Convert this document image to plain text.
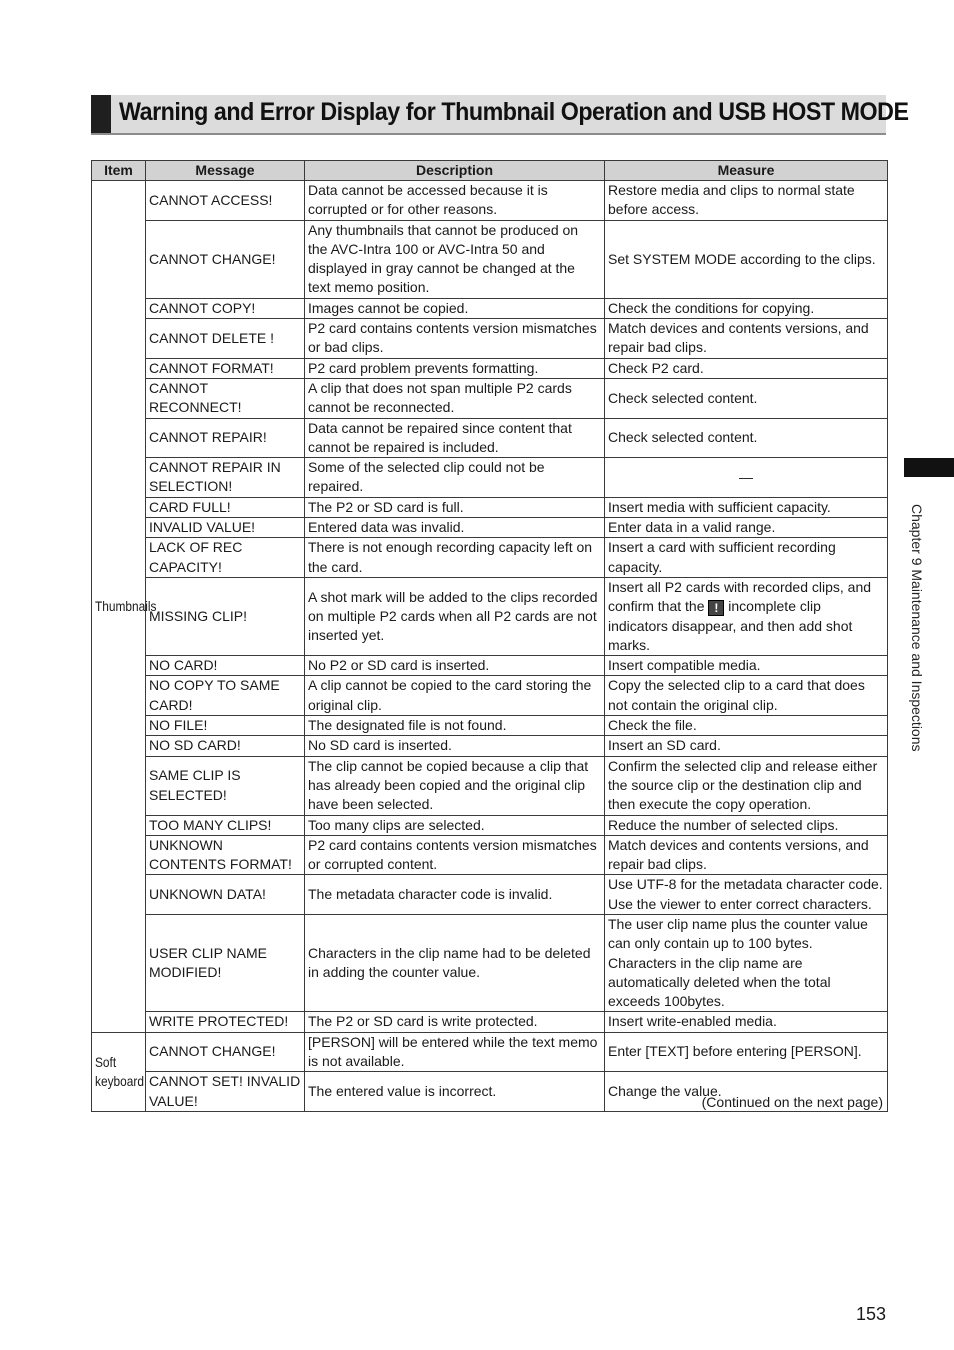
Warning and Error Display for Thumbnail Operation and USB HOST MODE
Item	Message	Description	Measure
Thumbnails	CANNOT ACCESS!	Data cannot be accessed because it is corrupted or for other reasons.	Restore media and clips to normal state before access.
	CANNOT CHANGE!	Any thumbnails that cannot be produced on the AVC-Intra 100 or AVC-Intra 50 and displayed in gray cannot be changed at the text memo position.	Set SYSTEM MODE according to the clips.
	CANNOT COPY!	Images cannot be copied.	Check the conditions for copying.
	CANNOT DELETE !	P2 card contains contents version mismatches or bad clips.	Match devices and contents versions, and repair bad clips.
	CANNOT FORMAT!	P2 card problem prevents formatting.	Check P2 card.
	CANNOT RECONNECT!	A clip that does not span multiple P2 cards cannot be reconnected.	Check selected content.
	CANNOT REPAIR!	Data cannot be repaired since content that cannot be repaired is included.	Check selected content.
	CANNOT REPAIR IN SELECTION!	Some of the selected clip could not be repaired.	—
	CARD FULL!	The P2 or SD card is full.	Insert media with sufficient capacity.
	INVALID VALUE!	Entered data was invalid.	Enter data in a valid range.
	LACK OF REC CAPACITY!	There is not enough recording capacity left on the card.	Insert a card with sufficient recording capacity.
	MISSING CLIP!	A shot mark will be added to the clips recorded on multiple P2 cards when all P2 cards are not inserted yet.	Insert all P2 cards with recorded clips, and confirm that the ! incomplete clip indicators disappear, and then add shot marks.
	NO CARD!	No P2 or SD card is inserted.	Insert compatible media.
	NO COPY TO SAME CARD!	A clip cannot be copied to the card storing the original clip.	Copy the selected clip to a card that does not contain the original clip.
	NO FILE!	The designated file is not found.	Check the file.
	NO SD CARD!	No SD card is inserted.	Insert an SD card.
	SAME CLIP IS SELECTED!	The clip cannot be copied because a clip that has already been copied and the original clip have been selected.	Confirm the selected clip and release either the source clip or the destination clip and then execute the copy operation.
	TOO MANY CLIPS!	Too many clips are selected.	Reduce the number of selected clips.
	UNKNOWN CONTENTS FORMAT!	P2 card contains contents version mismatches or corrupted content.	Match devices and contents versions, and repair bad clips.
	UNKNOWN DATA!	The metadata character code is invalid.	Use UTF-8 for the metadata character code. Use the viewer to enter correct characters.
	USER CLIP NAME MODIFIED!	Characters in the clip name had to be deleted in adding the counter value.	The user clip name plus the counter value can only contain up to 100 bytes. Characters in the clip name are automatically deleted when the total exceeds 100bytes.
	WRITE PROTECTED!	The P2 or SD card is write protected.	Insert write-enabled media.
Soft keyboard	CANNOT CHANGE!	[PERSON] will be entered while the text memo is not available.	Enter [TEXT] before entering [PERSON].
	CANNOT SET! INVALID VALUE!	The entered value is incorrect.	Change the value.
(Continued on the next page)
Chapter 9 Maintenance and Inspections
153
